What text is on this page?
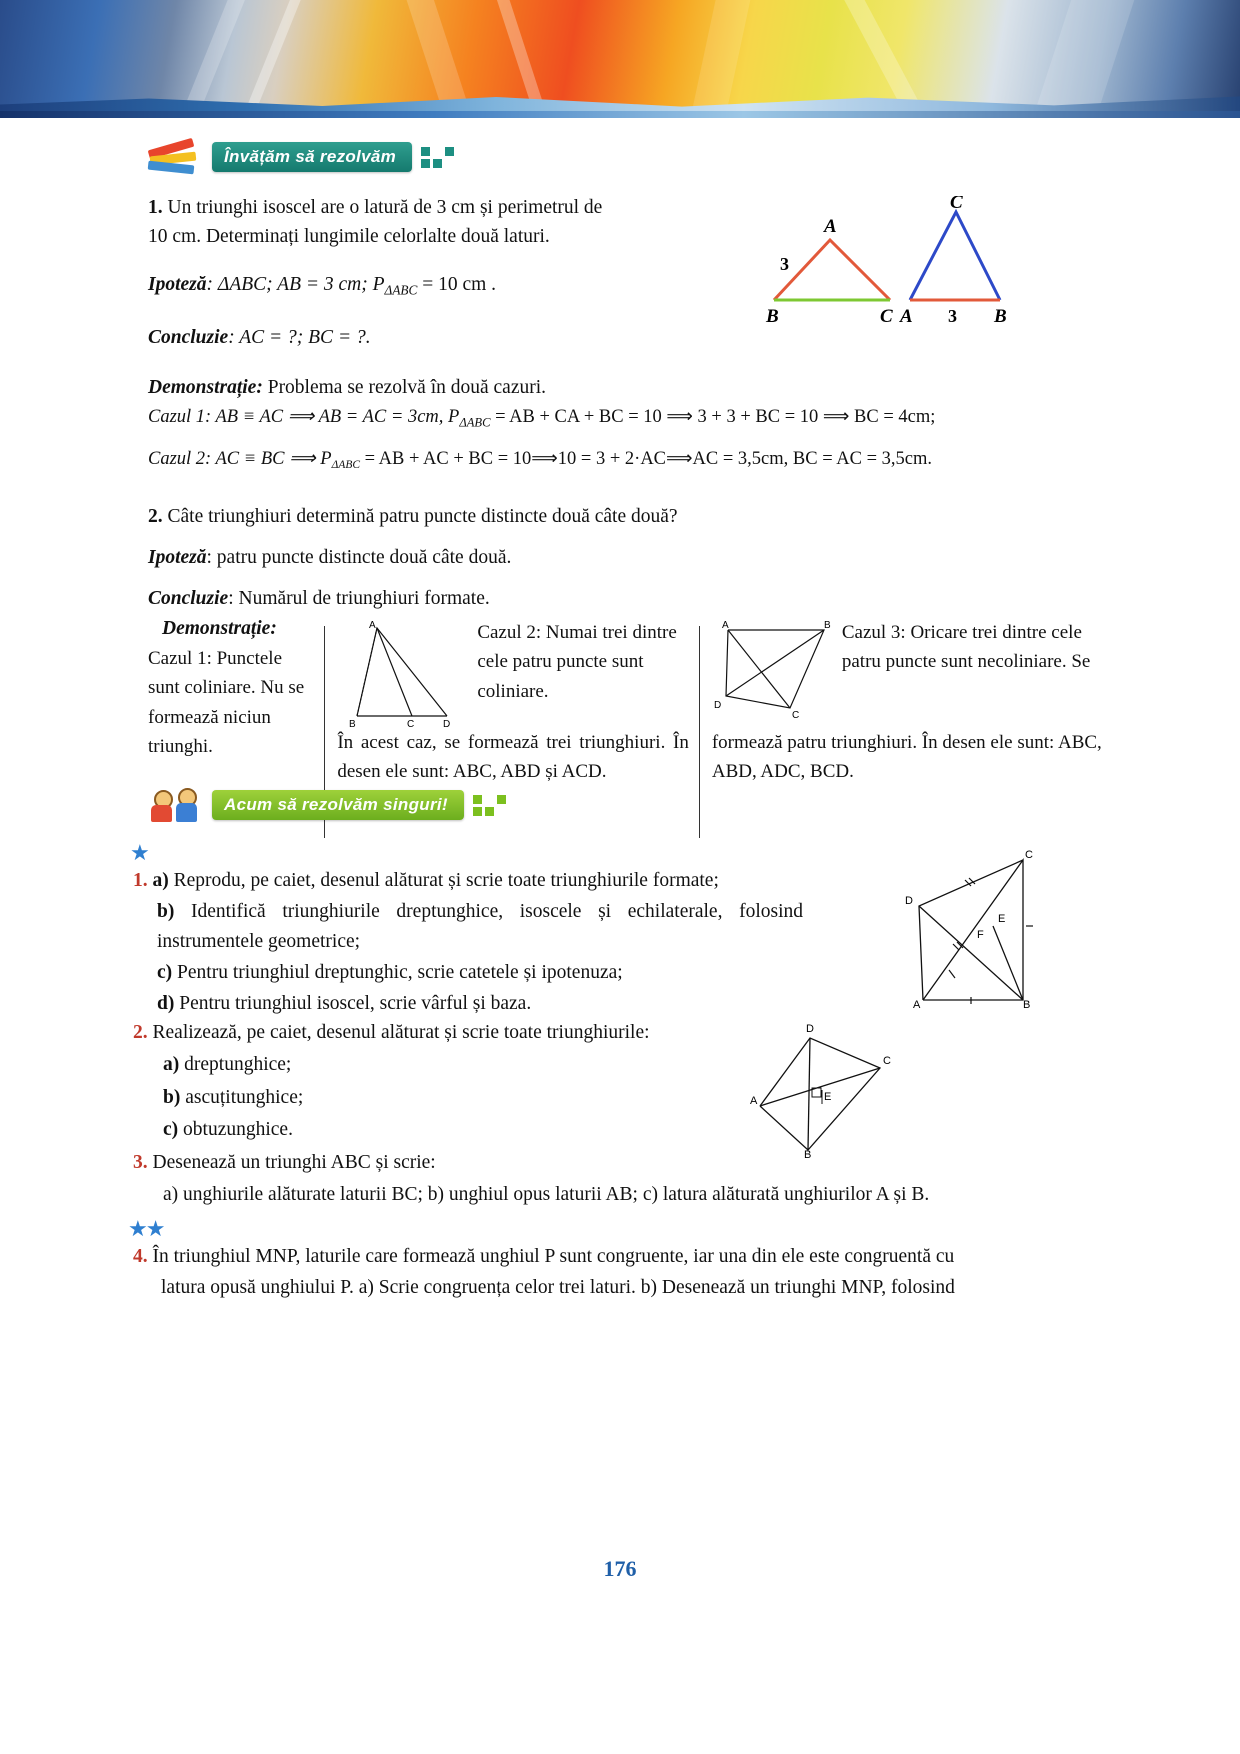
Învățăm să rezolvăm
1. Un triunghi isoscel are o latură de 3 cm și perimetrul de
10 cm. Determinați lungimile celorlalte două laturi.
Ipoteză: ΔABC; AB = 3 cm; $P_{\Delta ABC} = 10$ cm .
Concluzie: AC = ?; BC = ?.
Demonstrație: Problema se rezolvă în două cazuri.
Cazul 1: AB ≡ AC ⟹ AB = AC = 3cm, $P_{\Delta ABC}$ = AB + CA + BC = 10 ⟹ 3 + 3 + BC = 10 ⟹ BC = 4cm;
Cazul 2: AC ≡ BC ⟹ $P_{\Delta ABC}$ = AB + AC + BC = 10⟹10 = 3 + 2·AC⟹AC = 3,5cm, BC = AC = 3,5cm.
A
B	C
3
C
A	B
3
2. Câte triunghiuri determină patru puncte distincte două câte două?
Ipoteză: patru puncte distincte două câte două.
Concluzie: Numărul de triunghiuri formate.
Demonstrație:
Cazul 1: Punctele sunt coliniare. Nu se formează niciun triunghi.
A
B	C	D
Cazul 2: Numai trei dintre cele patru puncte sunt coliniare.
În acest caz, se formează trei triunghiuri. În desen ele sunt: ABC, ABD și ACD.
A	B
C
D
Cazul 3: Oricare trei dintre cele patru puncte sunt necoliniare. Se
formează patru triunghiuri. În desen ele sunt: ABC, ABD, ADC, BCD.
Acum să rezolvăm singuri!
★
1. a) Reprodu, pe caiet, desenul alăturat și scrie toate triunghiurile formate;
b) Identifică triunghiurile dreptunghice, isoscele și echilaterale, folosind instrumentele geometrice;
c) Pentru triunghiul dreptunghic, scrie catetele și ipotenuza;
d) Pentru triunghiul isoscel, scrie vârful și baza.
C
D
E
F
A	B
2. Realizează, pe caiet, desenul alăturat și scrie toate triunghiurile:
a) dreptunghice;
b) ascuțitunghice;
c) obtuzunghice.
D
C
A	E
B
3. Desenează un triunghi ABC și scrie:
a) unghiurile alăturate laturii BC; b) unghiul opus laturii AB; c) latura alăturată unghiurilor A și B.
★★
4. În triunghiul MNP, laturile care formează unghiul P sunt congruente, iar una din ele este congruentă cu
latura opusă unghiului P. a) Scrie congruența celor trei laturi. b) Desenează un triunghi MNP, folosind
176
